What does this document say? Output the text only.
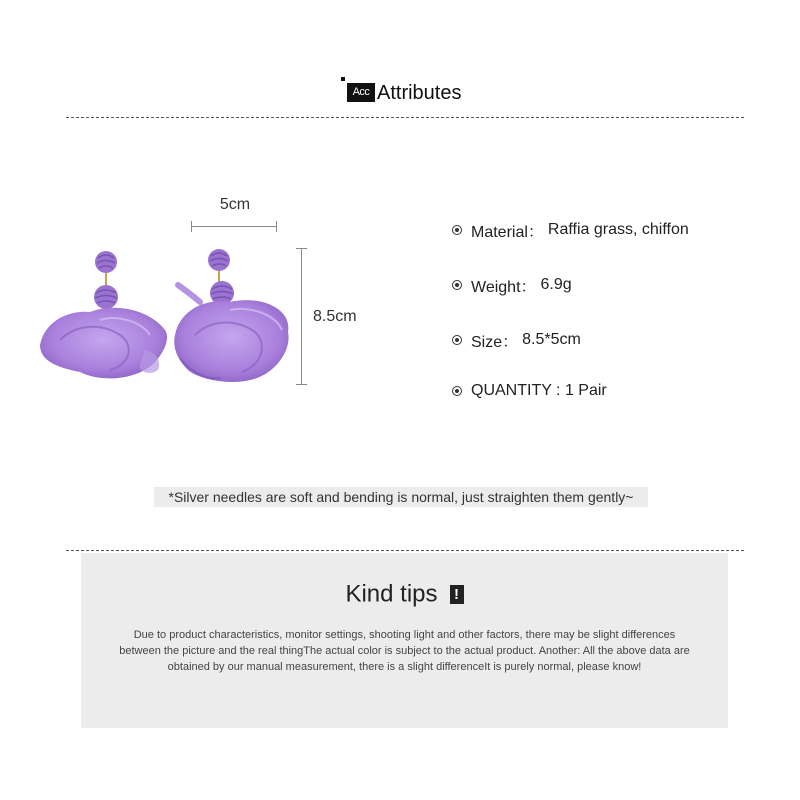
Acc Attributes
5cm
8.5cm
Material： Raffia grass, chiffon
Weight： 6.9g
Size： 8.5*5cm
QUANTITY : 1 Pair
*Silver needles are soft and bending is normal, just straighten them gently~
Kind tips !
Due to product characteristics, monitor settings, shooting light and other factors, there may be slight differences between the picture and the real thingThe actual color is subject to the actual product. Another: All the above data are obtained by our manual measurement, there is a slight differenceIt is purely normal, please know!
